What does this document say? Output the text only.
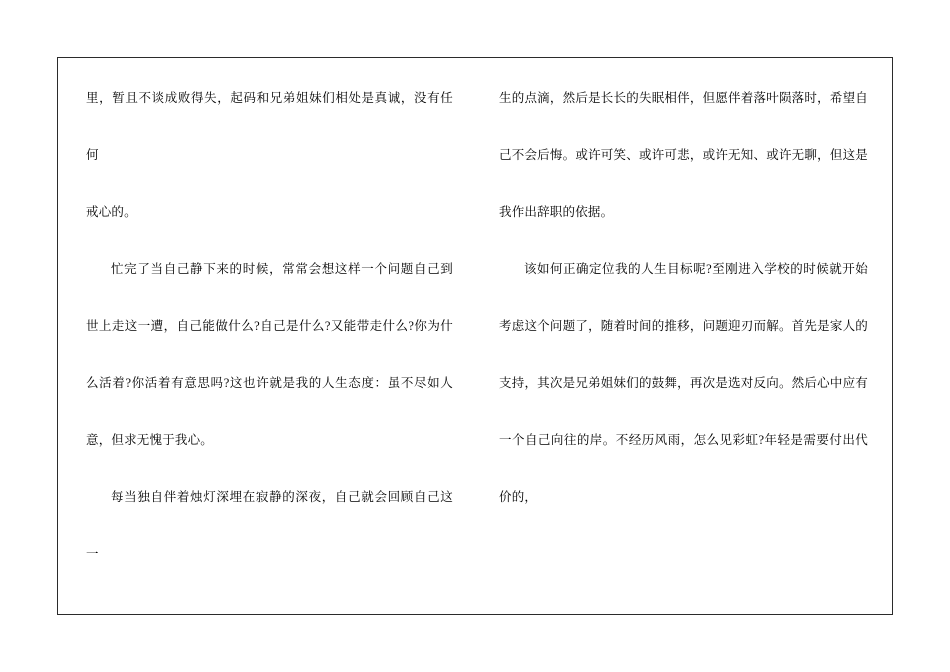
里，暂且不谈成败得失，起码和兄弟姐妹们相处是真诚，没有任何

戒心的。

忙完了当自己静下来的时候，常常会想这样一个问题自己到世上走这一遭，自己能做什么?自己是什么?又能带走什么?你为什么活着?你活着有意思吗?这也许就是我的人生态度：虽不尽如人意，但求无愧于我心。

每当独自伴着烛灯深埋在寂静的深夜，自己就会回顾自己这一

生的点滴，然后是长长的失眠相伴，但愿伴着落叶陨落时，希望自己不会后悔。或许可笑、或许可悲，或许无知、或许无聊，但这是我作出辞职的依据。

该如何正确定位我的人生目标呢?至刚进入学校的时候就开始考虑这个问题了，随着时间的推移，问题迎刃而解。首先是家人的支持，其次是兄弟姐妹们的鼓舞，再次是选对反向。然后心中应有一个自己向往的岸。不经历风雨，怎么见彩虹?年轻是需要付出代价的，
